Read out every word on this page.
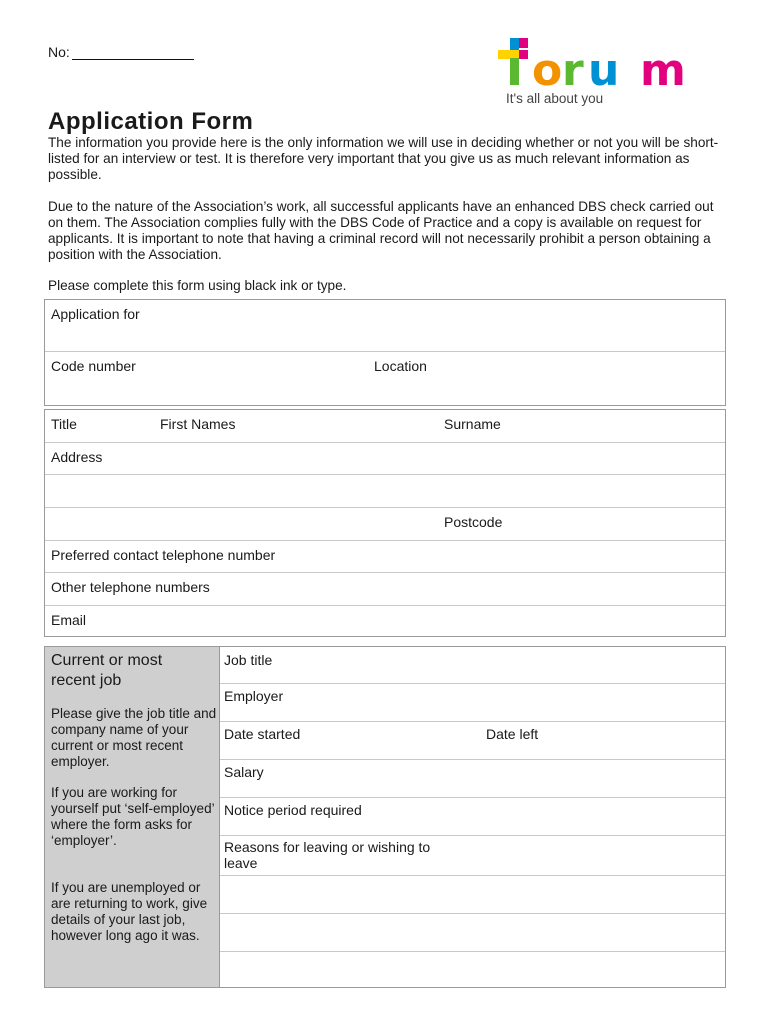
No:	o r u m
It's all about you
Application Form

The information you provide here is the only information we will use in deciding whether or not you will be short-listed for an interview or test. It is therefore very important that you give us as much relevant information as possible.

Due to the nature of the Association’s work, all successful applicants have an enhanced DBS check carried out on them. The Association complies fully with the DBS Code of Practice and a copy is available on request for applicants. It is important to note that having a criminal record will not necessarily prohibit a person obtaining a position with the Association.

Please complete this form using black ink or type.

Application for
Code number	Location
Title	First Names	Surname
Address
Postcode
Preferred contact telephone number
Other telephone numbers
Email
Current or most recent job

Please give the job title and company name of your current or most recent employer.

If you are working for yourself put ‘self-employed’ where the form asks for ‘employer’.

If you are unemployed or are returning to work, give details of your last job, however long ago it was.

Job title
Employer
Date started	Date left
Salary
Notice period required
Reasons for leaving or wishing to leave
